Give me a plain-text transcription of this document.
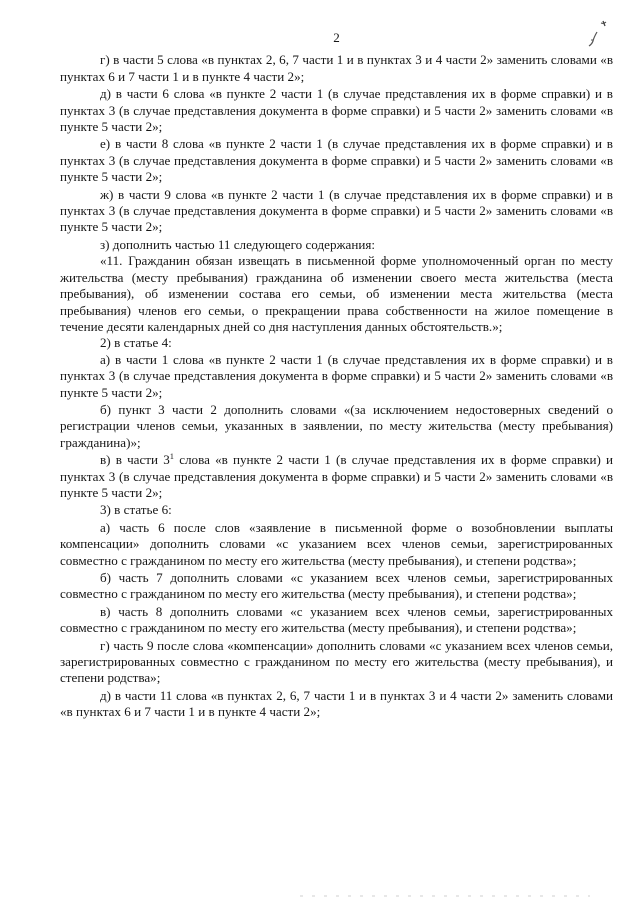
2

г) в части 5 слова «в пунктах 2, 6, 7 части 1 и в пунктах 3 и 4 части 2» заменить словами «в пунктах 6 и 7 части 1 и в пункте 4 части 2»;

д) в части 6 слова «в пункте 2 части 1 (в случае представления их в форме справки) и в пунктах 3 (в случае представления документа в форме справки) и 5 части 2» заменить словами «в пункте 5 части 2»;

е) в части 8 слова «в пункте 2 части 1 (в случае представления их в форме справки) и в пунктах 3 (в случае представления документа в форме справки) и 5 части 2» заменить словами «в пункте 5 части 2»;

ж) в части 9 слова «в пункте 2 части 1 (в случае представления их в форме справки) и в пунктах 3 (в случае представления документа в форме справки) и 5 части 2» заменить словами «в пункте 5 части 2»;

з) дополнить частью 11 следующего содержания:

«11. Гражданин обязан извещать в письменной форме уполномоченный орган по месту жительства (месту пребывания) гражданина об изменении своего места жительства (места пребывания), об изменении состава его семьи, об изменении места жительства (места пребывания) членов его семьи, о прекращении права собственности на жилое помещение в течение десяти календарных дней со дня наступления данных обстоятельств.»;

2) в статье 4:

а) в части 1 слова «в пункте 2 части 1 (в случае представления их в форме справки) и в пунктах 3 (в случае представления документа в форме справки) и 5 части 2» заменить словами «в пункте 5 части 2»;

б) пункт 3 части 2 дополнить словами «(за исключением недостоверных сведений о регистрации членов семьи, указанных в заявлении, по месту жительства (месту пребывания) гражданина)»;

в) в части $3^1$ слова «в пункте 2 части 1 (в случае представления их в форме справки) и пунктах 3 (в случае представления документа в форме справки) и 5 части 2» заменить словами «в пункте 5 части 2»;

3) в статье 6:

а) часть 6 после слов «заявление в письменной форме о возобновлении выплаты компенсации» дополнить словами «с указанием всех членов семьи, зарегистрированных совместно с гражданином по месту его жительства (месту пребывания), и степени родства»;

б) часть 7 дополнить словами «с указанием всех членов семьи, зарегистрированных совместно с гражданином по месту его жительства (месту пребывания), и степени родства»;

в) часть 8 дополнить словами «с указанием всех членов семьи, зарегистрированных совместно с гражданином по месту его жительства (месту пребывания), и степени родства»;

г) часть 9 после слова «компенсации» дополнить словами «с указанием всех членов семьи, зарегистрированных совместно с гражданином по месту его жительства (месту пребывания), и степени родства»;

д) в части 11 слова «в пунктах 2, 6, 7 части 1 и в пунктах 3 и 4 части 2» заменить словами «в пунктах 6 и 7 части 1 и в пункте 4 части 2»;
